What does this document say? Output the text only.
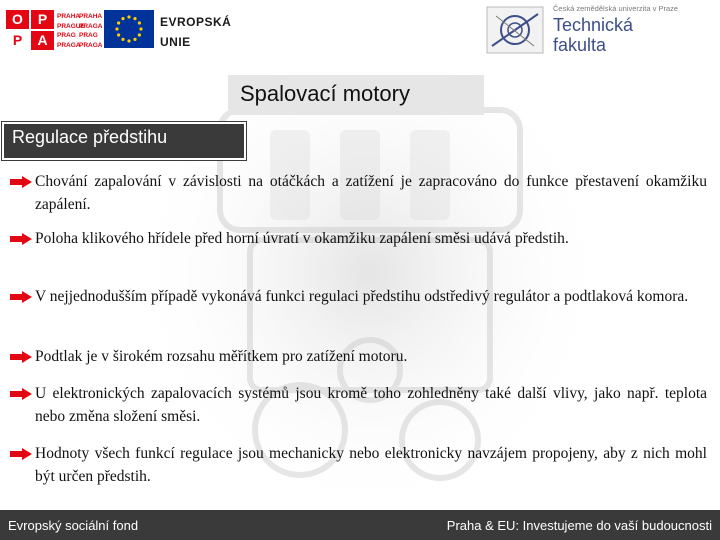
O	P
A
P
PRAHA
PRAGUE
PRAG
PRAGA
PRAHA
PRAGA
PRAG
PRAGA
EVROPSKÁ
UNIE
Česká zemědělská univerzita v Praze
Technická
fakulta
Spalovací motory
Regulace předstihu
Chování zapalování v závislosti na otáčkách a zatížení je zapracováno do funkce přestavení okamžiku zapálení.
Poloha klikového hřídele před horní úvratí v okamžiku zapálení směsi udává předstih.
V nejjednodušším případě vykonává funkci regulaci předstihu odstředivý regulátor a podtlaková komora.
Podtlak je v širokém rozsahu měřítkem pro zatížení motoru.
U elektronických zapalovacích systémů jsou kromě toho zohledněny také další vlivy, jako např. teplota nebo změna složení směsi.
Hodnoty všech funkcí regulace jsou mechanicky nebo elektronicky navzájem propojeny, aby z nich mohl být určen předstih.
Evropský sociální fond	Praha & EU: Investujeme do vaší budoucnosti
